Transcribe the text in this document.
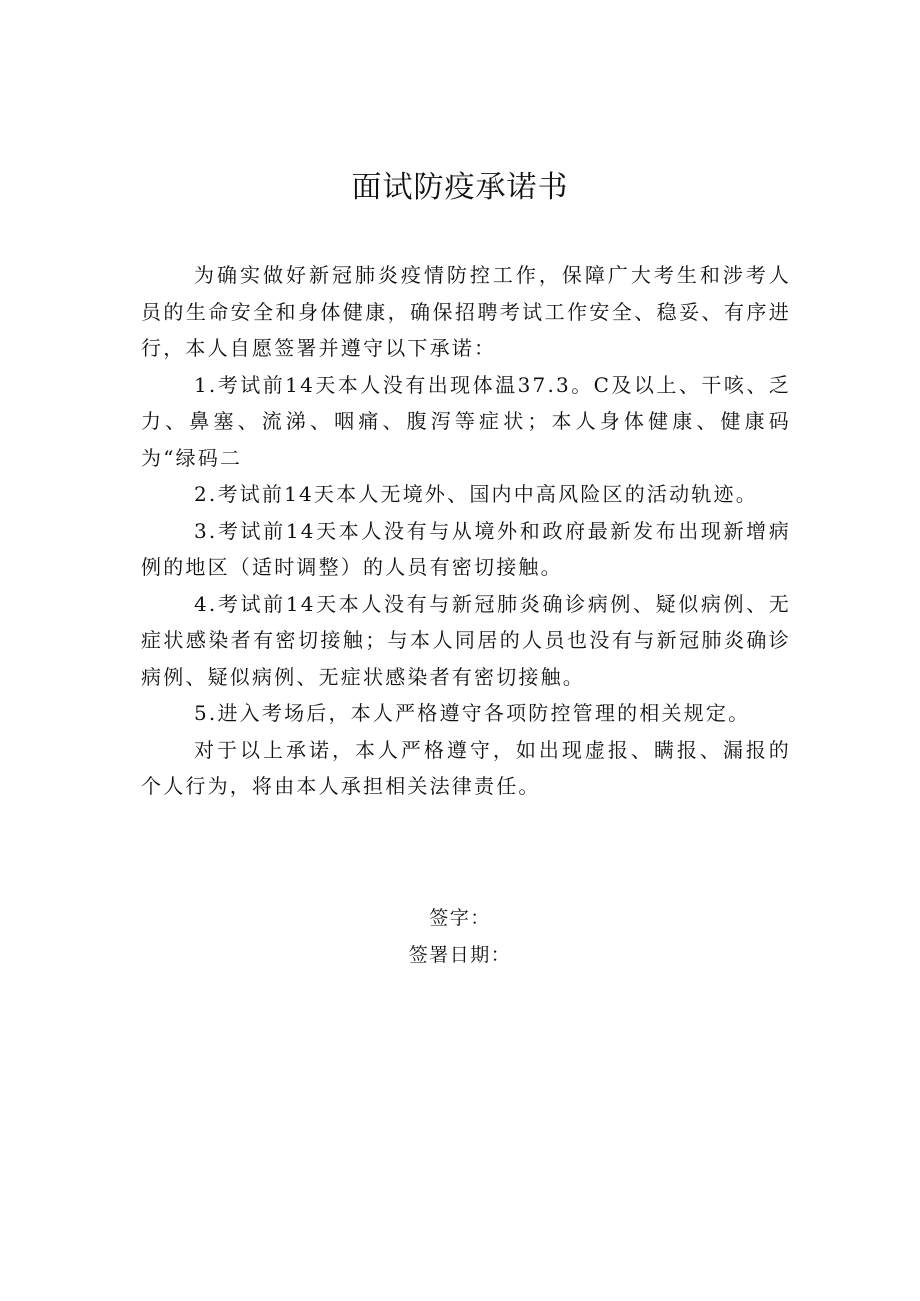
面试防疫承诺书

为确实做好新冠肺炎疫情防控工作，保障广大考生和涉考人员的生命安全和身体健康，确保招聘考试工作安全、稳妥、有序进行，本人自愿签署并遵守以下承诺：

1.考试前14天本人没有出现体温37.3。C及以上、干咳、乏力、鼻塞、流涕、咽痛、腹泻等症状；本人身体健康、健康码为“绿码二

2.考试前14天本人无境外、国内中高风险区的活动轨迹。

3.考试前14天本人没有与从境外和政府最新发布出现新增病例的地区（适时调整）的人员有密切接触。

4.考试前14天本人没有与新冠肺炎确诊病例、疑似病例、无症状感染者有密切接触；与本人同居的人员也没有与新冠肺炎确诊病例、疑似病例、无症状感染者有密切接触。

5.进入考场后，本人严格遵守各项防控管理的相关规定。

对于以上承诺，本人严格遵守，如出现虚报、瞒报、漏报的个人行为，将由本人承担相关法律责任。

签字：
签署日期：
